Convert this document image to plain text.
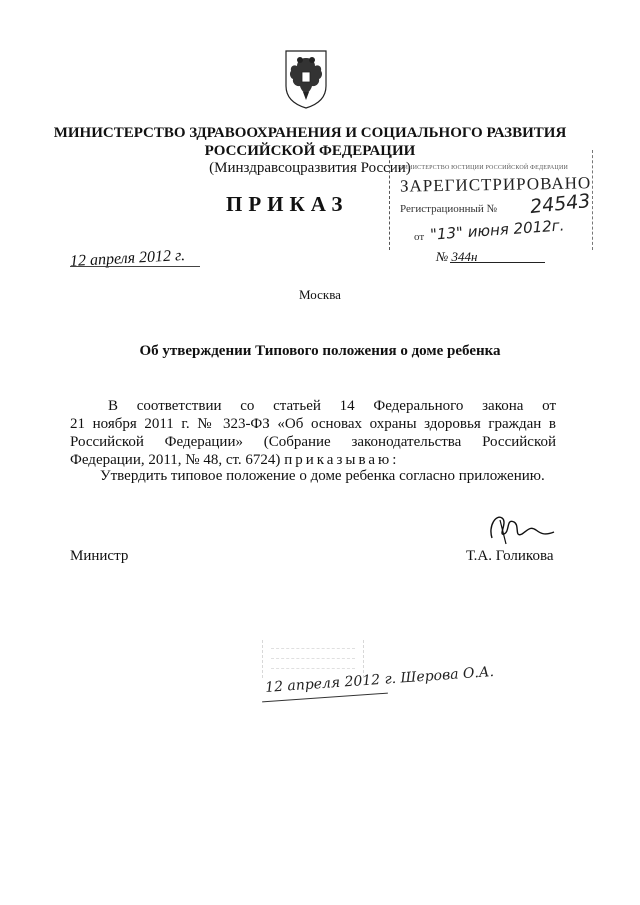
МИНИСТЕРСТВО ЗДРАВООХРАНЕНИЯ И СОЦИАЛЬНОГО РАЗВИТИЯ
РОССИЙСКОЙ ФЕДЕРАЦИИ
(Минздравсоцразвития России)
ПРИКАЗ
МИНИСТЕРСТВО ЮСТИЦИИ РОССИЙСКОЙ ФЕДЕРАЦИИ
ЗАРЕГИСТРИРОВАНО
Регистрационный № 24543
от "13" июня 2012г.
№ 344н
12 апреля 2012 г.
Москва
Об утверждении Типового положения о доме ребенка
В соответствии со статьей 14 Федерального закона от
21 ноября 2011 г. № 323-ФЗ «Об основах охраны здоровья граждан в
Российской Федерации» (Собрание законодательства Российской
Федерации, 2011, № 48, ст. 6724) приказываю:
Утвердить типовое положение о доме ребенка согласно приложению.
Министр	Т.А. Голикова
12 апреля 2012 г. Шерова О.А.
